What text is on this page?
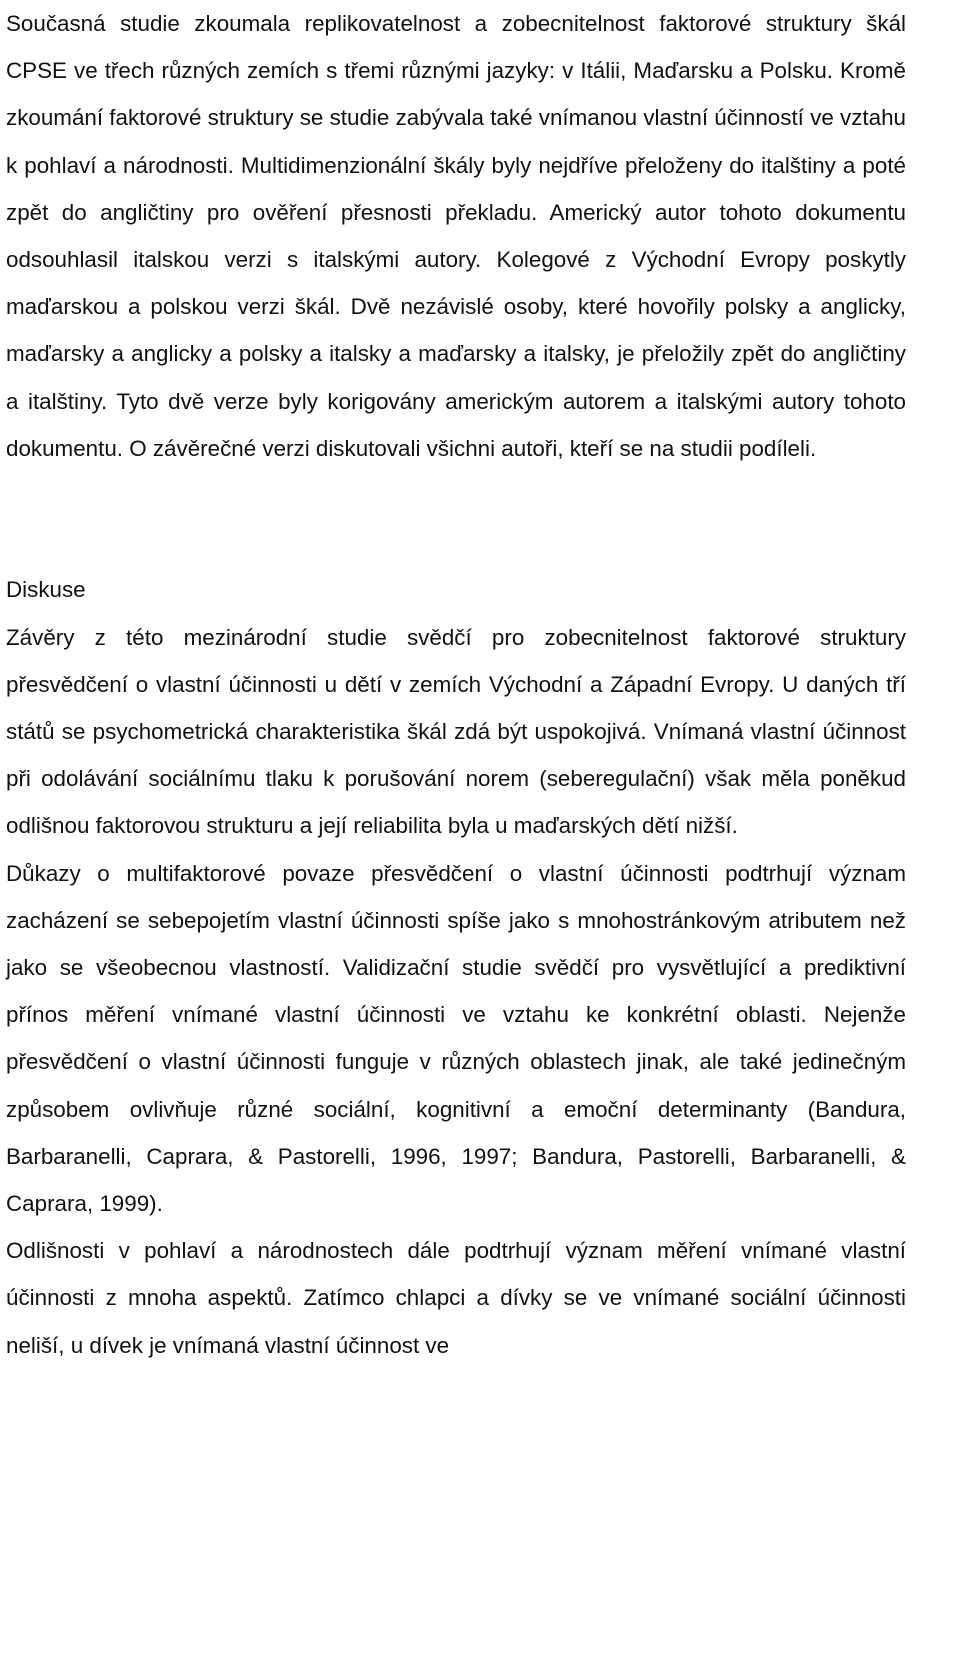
Současná studie zkoumala replikovatelnost a zobecnitelnost faktorové struktury škál CPSE ve třech různých zemích s třemi různými jazyky: v Itálii, Maďarsku a Polsku. Kromě zkoumání faktorové struktury se studie zabývala také vnímanou vlastní účinností ve vztahu k pohlaví a národnosti. Multidimenzionální škály byly nejdříve přeloženy do italštiny a poté zpět do angličtiny pro ověření přesnosti překladu. Americký autor tohoto dokumentu odsouhlasil italskou verzi s italskými autory. Kolegové z Východní Evropy poskytly maďarskou a polskou verzi škál. Dvě nezávislé osoby, které hovořily polsky a anglicky, maďarsky a anglicky a polsky a italsky a maďarsky a italsky, je přeložily zpět do angličtiny a italštiny. Tyto dvě verze byly korigovány americkým autorem a italskými autory tohoto dokumentu. O závěrečné verzi diskutovali všichni autoři, kteří se na studii podíleli.

Diskuse

Závěry z této mezinárodní studie svědčí pro zobecnitelnost faktorové struktury přesvědčení o vlastní účinnosti u dětí v zemích Východní a Západní Evropy. U daných tří států se psychometrická charakteristika škál zdá být uspokojivá. Vnímaná vlastní účinnost při odolávání sociálnímu tlaku k porušování norem (seberegulační) však měla poněkud odlišnou faktorovou strukturu a její reliabilita byla u maďarských dětí nižší.

Důkazy o multifaktorové povaze přesvědčení o vlastní účinnosti podtrhují význam zacházení se sebepojetím vlastní účinnosti spíše jako s mnohostránkovým atributem než jako se všeobecnou vlastností. Validizační studie svědčí pro vysvětlující a prediktivní přínos měření vnímané vlastní účinnosti ve vztahu ke konkrétní oblasti. Nejenže přesvědčení o vlastní účinnosti funguje v různých oblastech jinak, ale také jedinečným způsobem ovlivňuje různé sociální, kognitivní a emoční determinanty (Bandura, Barbaranelli, Caprara, & Pastorelli, 1996, 1997; Bandura, Pastorelli, Barbaranelli, & Caprara, 1999).

Odlišnosti v pohlaví a národnostech dále podtrhují význam měření vnímané vlastní účinnosti z mnoha aspektů. Zatímco chlapci a dívky se ve vnímané sociální účinnosti neliší, u dívek je vnímaná vlastní účinnost ve
